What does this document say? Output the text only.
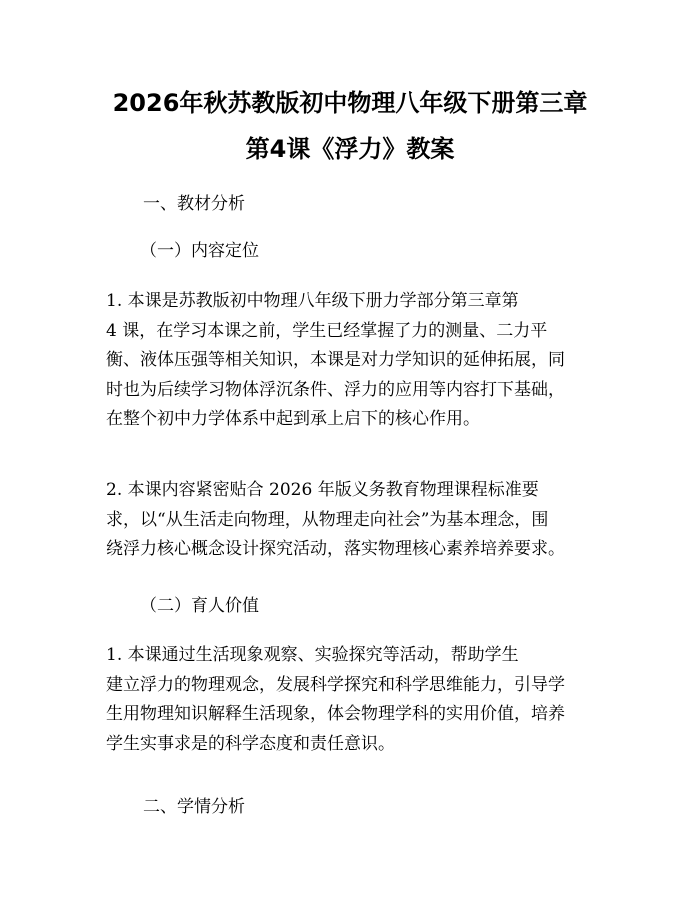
2026年秋苏教版初中物理八年级下册第三章
第4课《浮力》教案
一、教材分析
（一）内容定位
1. 本课是苏教版初中物理八年级下册力学部分第三章第
4 课，在学习本课之前，学生已经掌握了力的测量、二力平
衡、液体压强等相关知识，本课是对力学知识的延伸拓展，同
时也为后续学习物体浮沉条件、浮力的应用等内容打下基础，
在整个初中力学体系中起到承上启下的核心作用。
2. 本课内容紧密贴合 2026 年版义务教育物理课程标准要
求，以“从生活走向物理，从物理走向社会”为基本理念，围
绕浮力核心概念设计探究活动，落实物理核心素养培养要求。
（二）育人价值
1. 本课通过生活现象观察、实验探究等活动，帮助学生
建立浮力的物理观念，发展科学探究和科学思维能力，引导学
生用物理知识解释生活现象，体会物理学科的实用价值，培养
学生实事求是的科学态度和责任意识。
二、学情分析
